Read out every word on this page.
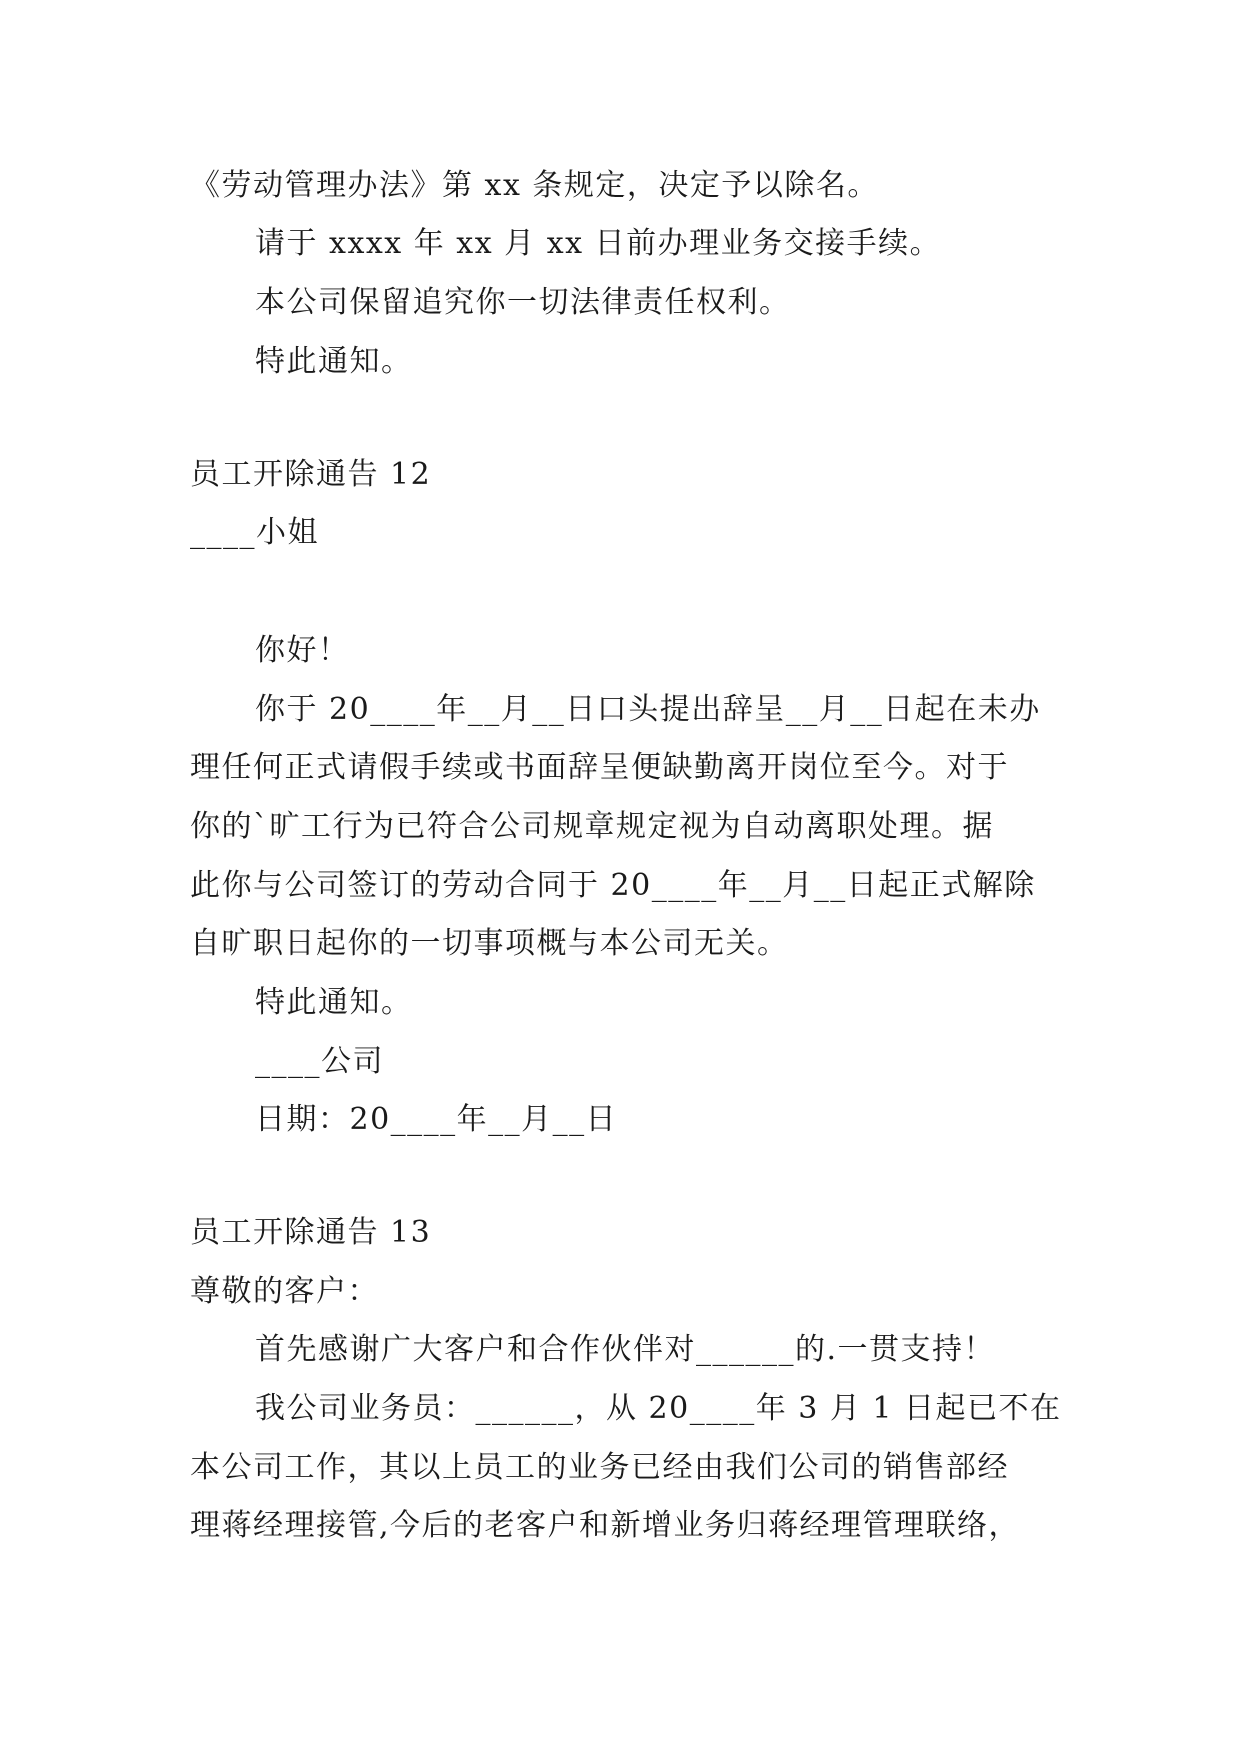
《劳动管理办法》第 xx 条规定，决定予以除名。
请于 xxxx 年 xx 月 xx 日前办理业务交接手续。
本公司保留追究你一切法律责任权利。
特此通知。
员工开除通告 12
____小姐
你好！
你于 20____年__月__日口头提出辞呈__月__日起在未办
理任何正式请假手续或书面辞呈便缺勤离开岗位至今。对于
你的`旷工行为已符合公司规章规定视为自动离职处理。据
此你与公司签订的劳动合同于 20____年__月__日起正式解除
自旷职日起你的一切事项概与本公司无关。
特此通知。
____公司
日期：20____年__月__日
员工开除通告 13
尊敬的客户：
首先感谢广大客户和合作伙伴对______的.一贯支持！
我公司业务员：______，从 20____年 3 月 1 日起已不在
本公司工作，其以上员工的业务已经由我们公司的销售部经
理蒋经理接管,今后的老客户和新增业务归蒋经理管理联络，
